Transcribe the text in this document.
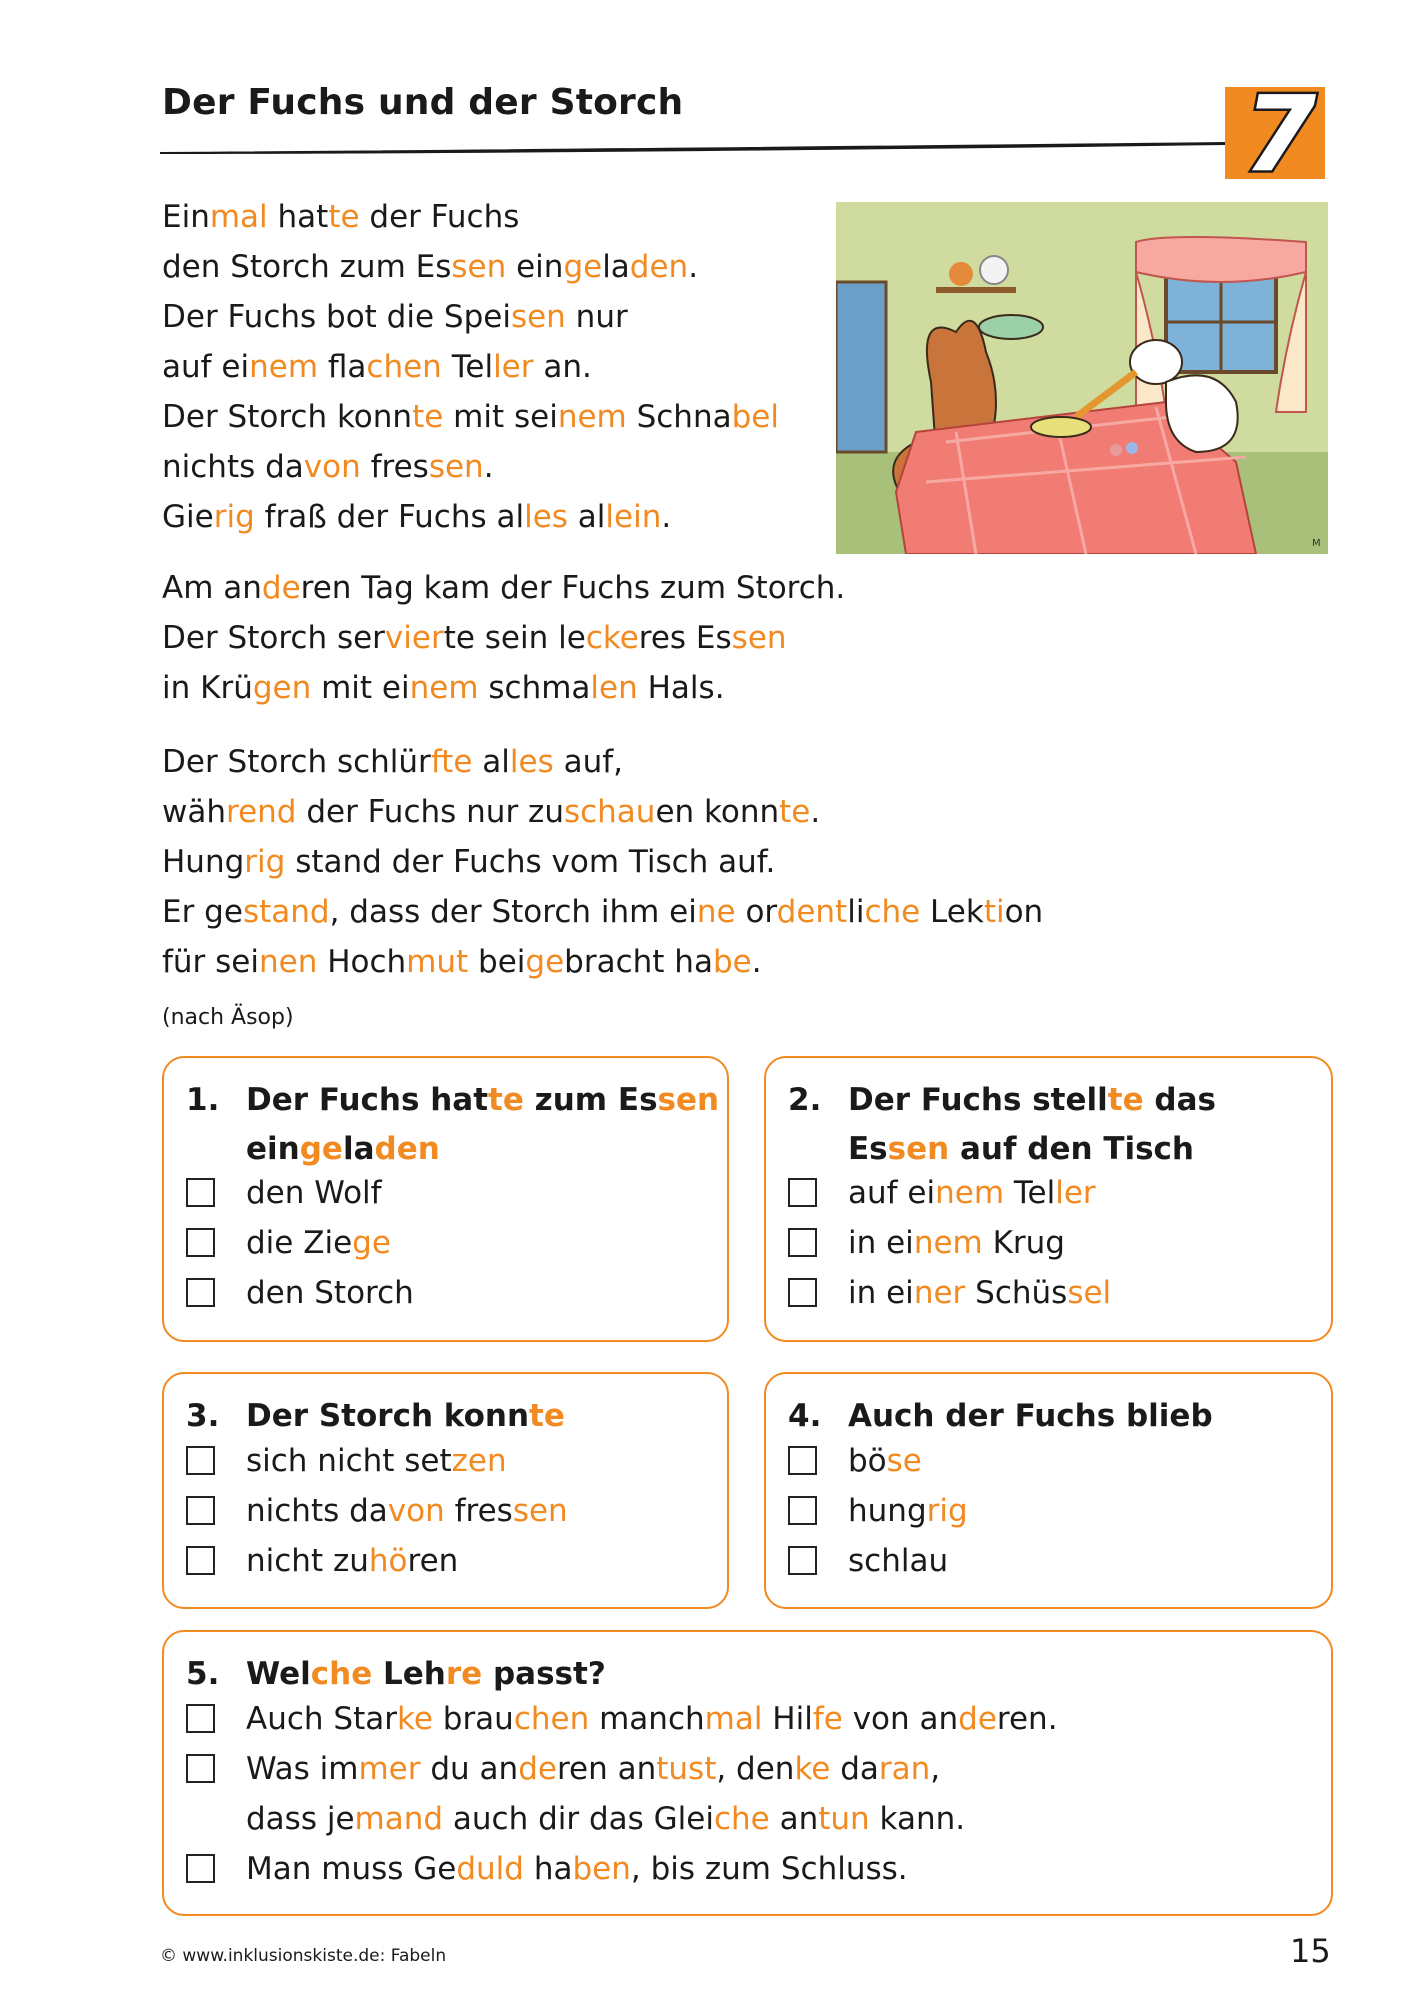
Der Fuchs und der Storch	7
M
Einmal hatte der Fuchs
den Storch zum Essen eingeladen.
Der Fuchs bot die Speisen nur
auf einem flachen Teller an.
Der Storch konnte mit seinem Schnabel
nichts davon fressen.
Gierig fraß der Fuchs alles allein.
Am anderen Tag kam der Fuchs zum Storch.
Der Storch servierte sein leckeres Essen
in Krügen mit einem schmalen Hals.
Der Storch schlürfte alles auf,
während der Fuchs nur zuschauen konnte.
Hungrig stand der Fuchs vom Tisch auf.
Er gestand, dass der Storch ihm eine ordentliche Lektion
für seinen Hochmut beigebracht habe.
(nach Äsop)
1. Der Fuchs hatte zum Essen
eingeladen
den Wolf
die Ziege
den Storch
2. Der Fuchs stellte das
Essen auf den Tisch
auf einem Teller
in einem Krug
in einer Schüssel
3. Der Storch konnte
sich nicht setzen
nichts davon fressen
nicht zuhören
4. Auch der Fuchs blieb
böse
hungrig
schlau
5. Welche Lehre passt?
Auch Starke brauchen manchmal Hilfe von anderen.
Was immer du anderen antust, denke daran,
dass jemand auch dir das Gleiche antun kann.
Man muss Geduld haben, bis zum Schluss.
© www.inklusionskiste.de: Fabeln	15
